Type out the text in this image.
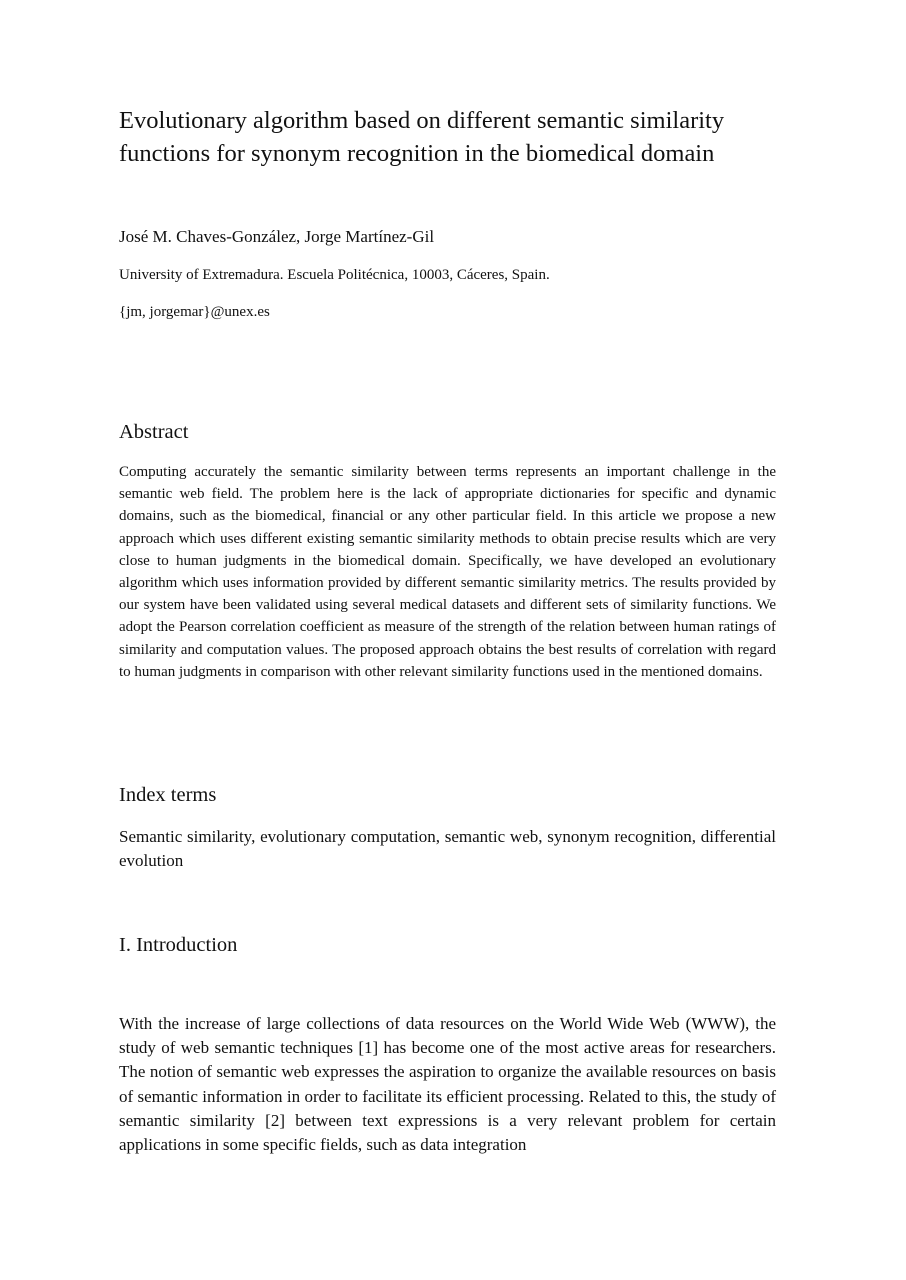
Evolutionary algorithm based on different semantic similarity functions for synonym recognition in the biomedical domain
José M. Chaves-González, Jorge Martínez-Gil
University of Extremadura. Escuela Politécnica, 10003, Cáceres, Spain.
{jm, jorgemar}@unex.es
Abstract

Computing accurately the semantic similarity between terms represents an important challenge in the semantic web field. The problem here is the lack of appropriate dictionaries for specific and dynamic domains, such as the biomedical, financial or any other particular field. In this article we propose a new approach which uses different existing semantic similarity methods to obtain precise results which are very close to human judgments in the biomedical domain. Specifically, we have developed an evolutionary algorithm which uses information provided by different semantic similarity metrics. The results provided by our system have been validated using several medical datasets and different sets of similarity functions. We adopt the Pearson correlation coefficient as measure of the strength of the relation between human ratings of similarity and computation values. The proposed approach obtains the best results of correlation with regard to human judgments in comparison with other relevant similarity functions used in the mentioned domains.

Index terms

Semantic similarity, evolutionary computation, semantic web, synonym recognition, differential evolution

I. Introduction

With the increase of large collections of data resources on the World Wide Web (WWW), the study of web semantic techniques [1] has become one of the most active areas for researchers. The notion of semantic web expresses the aspiration to organize the available resources on basis of semantic information in order to facilitate its efficient processing. Related to this, the study of semantic similarity [2] between text expressions is a very relevant problem for certain applications in some specific fields, such as data integration
